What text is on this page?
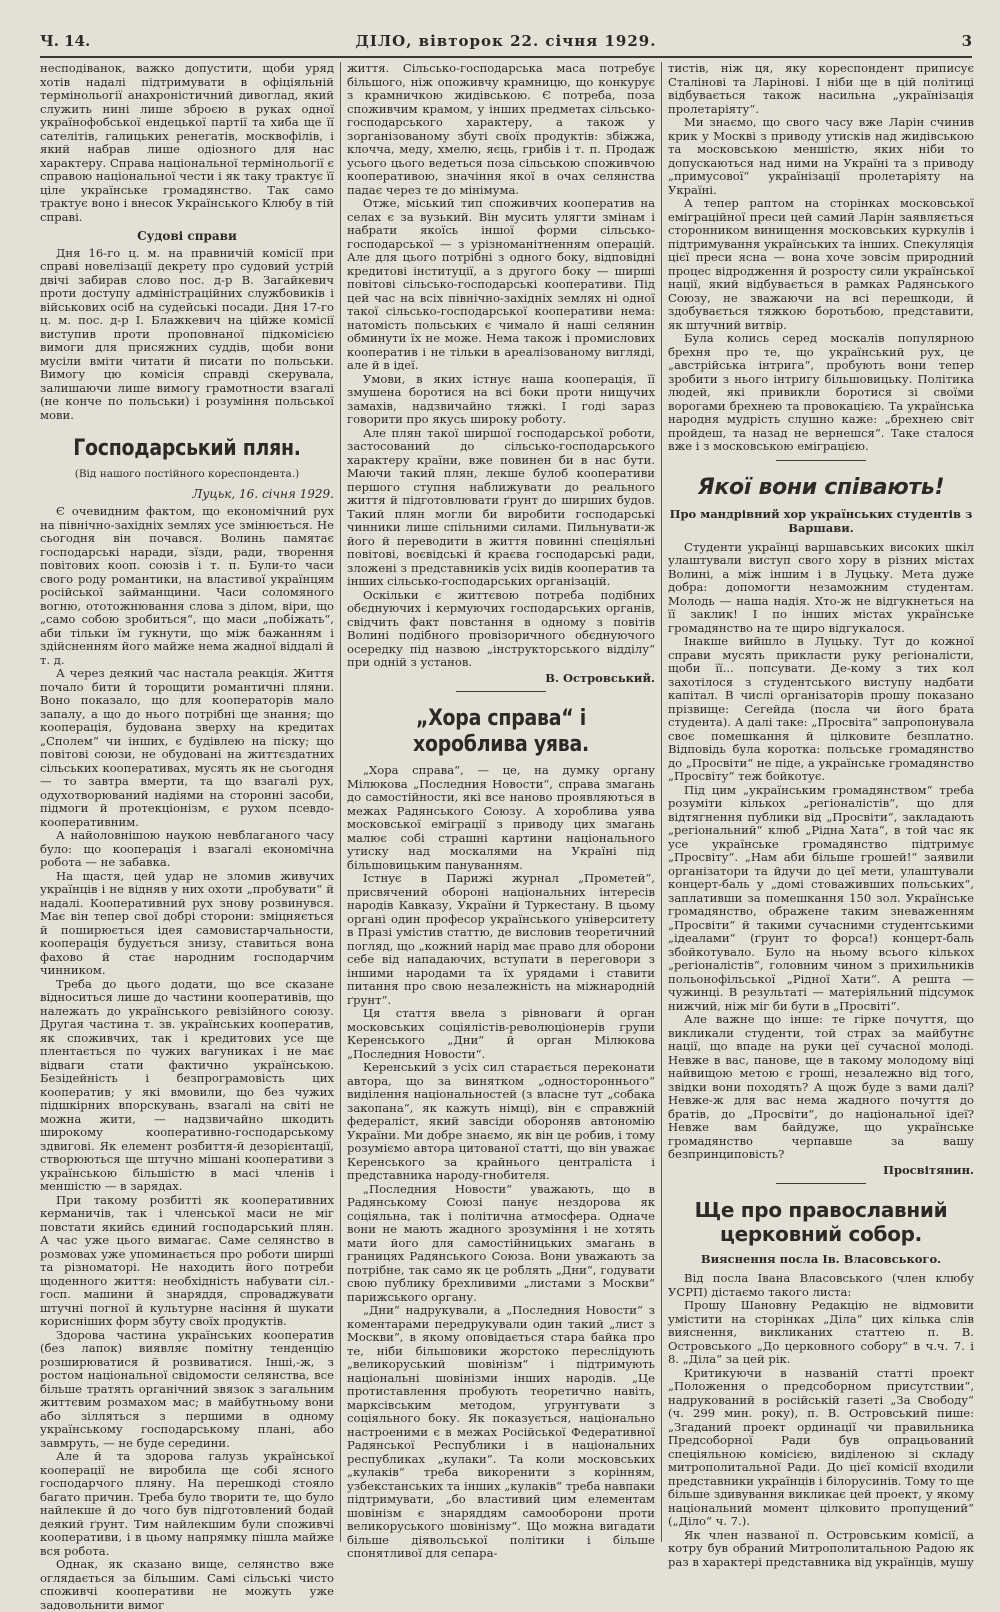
Ч. 14.	ДІЛО, вівторок 22. січня 1929.	3

несподіванок, важко допустити, щоби уряд хотів надалі підтримувати в офіціяльній термінольогії анахроністичний дивоглад, який служить нині лише зброєю в руках одної українофобської ендецької партії та хиба ще її сателітів, галицьких ренегатів, москвофілів, і який набрав лише одіозного для нас характеру. Справа національної термінольогії є справою національної чести і як таку трактує її ціле українське громадянство. Так само трактує воно і внесок Українського Клюбу в тій справі.

Судові справи

Дня 16-го ц. м. на правничій комісії при справі новелізації декрету про судовий устрій двічі забирав слово пос. д-р В. Загайкевич проти доступу адміністраційних службовиків і військових осіб на судейські посади. Дня 17-го ц. м. пос. д-р І. Блажкевич на ційже комісії виступив проти проповнаної підкомісією вимоги для присяжних суддів, щоби вони мусіли вміти читати й писати по польськи. Вимогу цю комісія справді скерувала, залишаючи лише вимогу грамотности взагалі (не конче по польськи) і розуміння польської мови.

Господарський плян.
(Від нашого постійного кореспондента.)
Луцьк, 16. січня 1929.

Є очевидним фактом, що економічний рух на північно-західніх землях усе змінюється. Не сьогодня він почався. Волинь памятає господарські наради, зїзди, ради, творення повітових кооп. союзів і т. п. Були-то часи свого роду романтики, на властивої українцям російської займанщини. Часи соломяного вогню, ототожнювання слова з ділом, віри, що „само собою зробиться“, що маси „побіжать“, аби тільки їм гукнути, що між бажанням і здійсненням його майже нема жадної віддалі й т. д.

А через деякий час настала реакція. Життя почало бити й торощити романтичні пляни. Воно показало, що для кооператорів мало запалу, а що до нього потрібні ще знання; що кооперація, будована зверху на кредитах „Сполем“ чи інших, є будівлею на піску; що повітові союзи, не обудовані на життєздатних сільських кооперативах, мусять як не сьогодня — то завтра вмерти, та що взагалі рух, одухотворюваний надіями на сторонні засоби, підмоги й протекціонізм, є рухом псевдо-кооперативним.

А найоловнішою наукою невблаганого часу було: що кооперація і взагалі економічна робота — не забавка.

На щастя, цей удар не зломив живучих українців і не відняв у них охоти „пробувати“ й надалі. Кооперативний рух знову розвинувся. Має він тепер свої добрі сторони: зміцняється й поширюється ідея самовистарчальности, кооперація будується знизу, ставиться вона фахово й стає народним господарчим чинником.

Треба до цього додати, що все сказане відноситься лише до частини кооперативів, що належать до українського ревізійного союзу. Другая частина т. зв. українських кооператив, як споживчих, так і кредитових усе ще плентається по чужих вагуниках і не має відваги стати фактично українською. Безідейність і безпрограмовість цих кооператив; у які вмовили, що без чужих підшкірних впорскувань, взагалі на світі не можна жити, — надзвичайно шкодить широкому кооперативно-господарському здвигові. Як елемент розбиття-й дезорієнтації, створюються ще штучно мішані кооперативи з українською більшістю в масі членів і меншістю — в зарядах.

При такому розбитті як кооперативних керманичів, так і членської маси не міг повстати якийсь єдиний господарський плян. А час уже цього вимагає. Саме селянство в розмовах уже упоминається про роботи ширші та різноматорі. Не находить його потреби щоденного життя: необхідність набувати сіл.-госп. машини й знаряддя, спроваджувати штучні погної й культурне насіння й шукати корисніших форм збуту своїх продуктів.

Здорова частина українських кооператив (без лапок) виявляє помітну тенденцію розширюватися й розвиватися. Інші,-ж, з ростом національної свідомости селянства, все більше тратять органічний звязок з загальним життєвим розмахом мас; в майбутньому вони або зілляться з першими в одному українському господарському плані, або завмруть, — не буде середини.

Але й та здорова галузь української кооперації не виробила ще собі ясного господарчого пляну. На перешкоді стояло багато причин. Треба було творити те, що було найлекше й до чого був підготовлений бодай деякий ґрунт. Тим найлекшим були споживчі кооперативи, і в цьому напрямку пішла майже вся робота.

Однак, як сказано вище, селянство вже оглядається за більшим. Самі сільські чисто споживчі кооперативи не можуть уже задовольнити вимог

життя. Сільсько-господарська маса потребує більшого, ніж опоживчу крамницю, що конкурує з крамничкою жидівською. Є потреба, поза споживчим крамом, у інших предметах сільсько-господарського характеру, а також у зорганізованому збуті своїх продуктів: збіжжа, клочча, меду, хмелю, яєць, грибів і т. п. Продаж усього цього ведеться поза сільською споживчою кооперативою, значіння якої в очах селянства падає через те до мінімума.

Отже, міський тип споживчих кооператив на селах є за вузький. Він мусить улягти змінам і набрати якоїсь іншої форми сільсько-господарської — з урізноманітненням операцій. Але для цього потрібні з одного боку, відповідні кредитові інституції, а з другого боку — ширші повітові сільсько-господарські кооперативи. Під цей час на всіх північно-західніх землях ні одної такої сільсько-господарської кооперативи нема: натомість польських є чимало й наші селянин обминути їх не може. Нема також і промислових кооператив і не тільки в ареалізованому вигляді, але й в ідеї.

Умови, в яких істнує наша кооперація, її змушена боротися на всі боки проти нищучих замахів, надзвичайно тяжкі. І годі зараз говорити про якусь широку роботу.

Але плян такої ширшої господарської роботи, застосований до сільсько-господарського характеру країни, вже повинен би в нас бути. Маючи такий плян, лекше булоб кооперативи першого ступня наближувати до реального життя й підготовлювати ґрунт до ширших будов. Такий плян могли би виробити господарські чинники лише спільними силами. Пильнувати-ж його й переводити в життя повинні спеціяльні повітові, воєвідські й краєва господарські ради, зложені з представників усіх видів кооператив та інших сільсько-господарських організацій.

Оскільки є життєвою потреба подібних обєднуючих і кермуючих господарських органів, свідчить факт повстання в одному з повітів Волині подібного провізоричного обєднуючого осередку під назвою „інструкторського відділу“ при одній з установ.

В. Островський.
„Хора справа“ і хоробливa уява.

„Хора справа“, — це, на думку органу Мілюкова „Последния Новости“, справа змагань до самостійности, які все наново проявляються в межах Радянського Союзу. А хоробливa уява московської еміграції з приводу цих змагань малює собі страшні картини національного утиску над москалями на Україні під більшовицьким пануванням.

Істнує в Парижі журнал „Прометей“, присвячений обороні національних інтересів народів Кавказу, України й Туркестану. В цьому органі один професор українського університету в Празі умістив статтю, де висловив теоретичний погляд, що „кожний нарід має право для оборони себе від нападаючих, вступати в переговори з іншими народами та їх урядами і ставити питання про свою незалежність на міжнародній ґрунт“.

Ця стаття ввела з рівноваги й орган московських соціялістів-революціонерів групи Керенського „Дни“ й орган Мілюкова „Последния Новости“.

Керенський з усіх сил старається переконати автора, що за винятком „одностороннього“ виділення національностей (з власне тут „собака закопана“, як кажуть німці), він є справжній федераліст, який завсіди обороняв автономію України. Ми добре знаємо, як він це робив, і тому розуміємо автора цитованої статті, що він уважає Керенського за крайнього централіста і представника народу-гнобителя.

„Последния Новости“ уважають, що в Радянському Союзі панує нездорова як соціяльна, так і політична атмосфера. Одначе вони не мають жадного зрозуміння і не хотять мати його для самостійницьких змагань в границях Радянського Союза. Вони уважають за потрібне, так само як це роблять „Дни“, годувати свою публику брехливими „листами з Москви“ парижського органу.

„Дни“ надрукували, а „Последния Новости“ з коментарами передрукували один такий „лист з Москви“, в якому оповідається стара байка про те, ніби більшовики жорстоко переслідують „великоруський шовінізм“ і підтримують національні шовінізми інших народів. „Це протиставлення пробують теоретично навіть, марксівським методом, угрунтувати з соціяльного боку. Як показується, національно настроеними є в межах Російської Федеративної Радянської Республики і в національних республиках „кулаки“. Та коли московських „кулаків“ треба викоренити з корінням, узбекстанських та інших „кулаків“ треба навпаки підтримувати, „бо властивий цим елементам шовінізм є знаряддям самооборони проти великоруського шовінізму“. Що можна вигадати більше діявольської політики і більше спонятливої для сепара-

тистів, ніж ця, яку кореспондент приписує Сталінові та Ларінові. І ніби ще в цій політиці відбувається також насильна „українізація пролетаріяту“.

Ми знаємо, що свого часу вже Ларін счинив крик у Москві з приводу утисків над жидівською та московською меншістю, яких ніби то допускаються над ними на Україні та з приводу „примусової“ українізації пролетаріяту на Україні.

А тепер раптом на сторінках московської еміграційної преси цей самий Ларін заявляється сторонником винищення московських куркулів і підтримування українських та інших. Спекуляція цієї преси ясна — вона хоче зовсім природний процес відродження й розросту сили української нації, який відбувається в рамках Радянського Союзу, не зважаючи на всі перешкоди, й здобувається тяжкою боротьбою, представити, як штучний витвір.

Була колись серед москалів популярною брехня про те, що український рух, це „австрійська інтрига“, пробують вони тепер зробити з нього інтригу більшовицьку. Політика людей, які привикли боротися зі своїми ворогами брехнею та провокацією. Та українська народня мудрість слушно каже: „брехнею світ пройдеш, та назад не вернешся“. Таке сталося вже і з московською еміграцією.

Якої вони співають!
Про мандрівний хор українських студентів з Варшави.

Студенти українці варшавських високих шкіл улаштували виступ свого хору в різних містах Волині, а між іншим і в Луцьку. Мета дуже добра: допомогти незаможним студентам. Молодь — наша надія. Хто-ж не відгукнеться на її заклик! І по інших містах українське громадянство на те щиро відгукалося.

Інакше вийшло в Луцьку. Тут до кожної справи мусять прикласти руку регіоналісти, щоби її... попсувати. Де-кому з тих кол захотілося з студентського виступу надбати капітал. В числі організаторів прошу показано прізвище: Сегейда (посла чи його брата студента). А далі таке: „Просвіта“ запропонувала своє помешкання й цілковите безплатно. Відповідь була коротка: польське громадянство до „Просвіти“ не піде, а українське громадянство „Просвіту“ теж бойкотує.

Під цим „українським громадянством“ треба розуміти кількох „регіоналістів“, що для відтягнення публики від „Просвіти“, закладають „регіональний“ клюб „Рідна Хата“, в той час як усе українське громадянство підтримує „Просвіту“. „Нам аби більше грошей!“ заявили організатори та йдучи до цеї мети, улаштували концерт-баль у „домі стоваживших польських“, заплативши за помешкання 150 зол. Українське громадянство, ображене таким зневаженням „Просвіти“ й такими сучасними студентськими „ідеалами“ (ґрунт то форса!) концерт-баль збойкотувало. Було на ньому всього кількох „регіоналістів“, головним чином з прихильників польонофільської „Рідної Хати“. А решта — чужинці. В результаті — матеріяльний підсумок нижчий, ніж міг би бути в „Просвіті“.

Але важне що інше: те гірке почуття, що викликали студенти, той страх за майбутнє нації, що впаде на руки цеї сучасної молоді. Невже в вас, панове, ще в такому молодому віці найвищою метою є гроші, незалежно від того, звідки вони походять? А щож буде з вами далі? Невже-ж для вас нема жадного почуття до братів, до „Просвіти“, до національної ідеї? Невже вам байдуже, що українське громадянство черпавше за вашу безпринциповість?

Просвітянин.
Ще про православний церковний собор.
Вияснення посла Ів. Власовського.

Від посла Івана Власовського (член клюбу УСРП) дістаємо такого листа:

Прошу Шановну Редакцію не відмовити умістити на сторінках „Діла“ цих кілька слів вияснення, викликаних статтею п. В. Островського „До церковного собору“ в ч.ч. 7. і 8. „Діла“ за цей рік.

Критикуючи в названій статті проект „Положення о предсоборном присутствии“, надрукований в російській газеті „За Свободу“ (ч. 299 мин. року), п. В. Островський пише: „Згаданий проект ординації чи правильника Предсоборної Ради був опрацьований спеціяльною комісією, виділеною зі складу митрополитальної Ради. До цієї комісії входили представники українців і білорусинів. Тому то ще більше здивування викликає цей проект, у якому національний момент цілковито пропущений“ („Діло“ ч. 7.).

Як член названої п. Островським комісії, а котру був обраний Митрополитальною Радою як раз в характері представника від українців, мушу
